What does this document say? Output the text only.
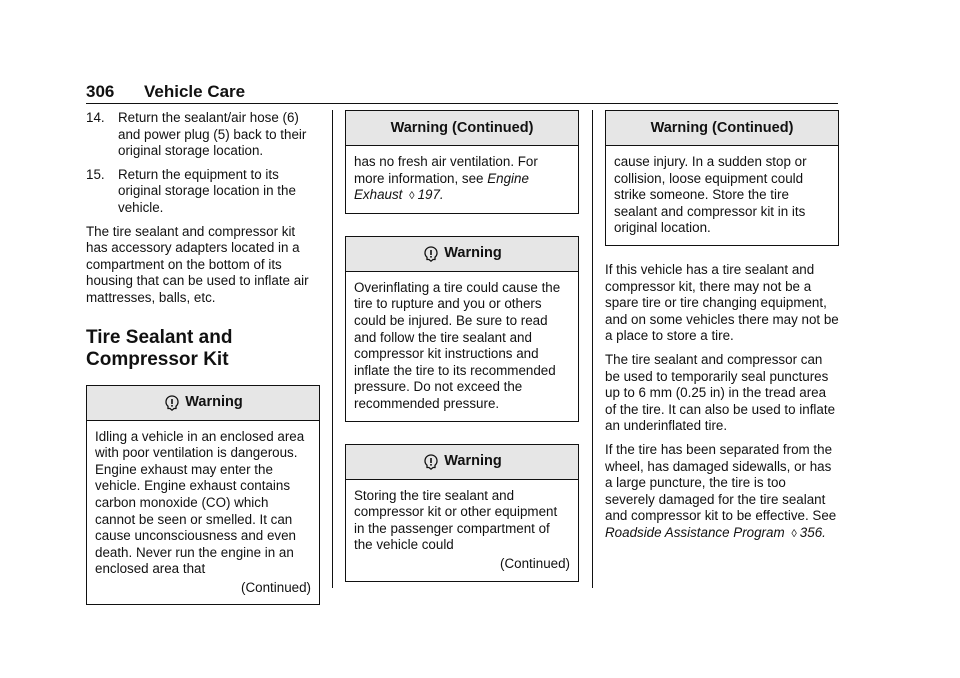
306 Vehicle Care
14. Return the sealant/air hose (6) and power plug (5) back to their original storage location.
15. Return the equipment to its original storage location in the vehicle.

The tire sealant and compressor kit has accessory adapters located in a compartment on the bottom of its housing that can be used to inflate air mattresses, balls, etc.

Tire Sealant and Compressor Kit
Warning

Idling a vehicle in an enclosed area with poor ventilation is dangerous. Engine exhaust may enter the vehicle. Engine exhaust contains carbon monoxide (CO) which cannot be seen or smelled. It can cause unconsciousness and even death. Never run the engine in an enclosed area that

(Continued)

Warning (Continued)

has no fresh air ventilation. For more information, see Engine Exhaust ◊ 197.

Warning

Overinflating a tire could cause the tire to rupture and you or others could be injured. Be sure to read and follow the tire sealant and compressor kit instructions and inflate the tire to its recommended pressure. Do not exceed the recommended pressure.

Warning

Storing the tire sealant and compressor kit or other equipment in the passenger compartment of the vehicle could

(Continued)

Warning (Continued)

cause injury. In a sudden stop or collision, loose equipment could strike someone. Store the tire sealant and compressor kit in its original location.

If this vehicle has a tire sealant and compressor kit, there may not be a spare tire or tire changing equipment, and on some vehicles there may not be a place to store a tire.

The tire sealant and compressor can be used to temporarily seal punctures up to 6 mm (0.25 in) in the tread area of the tire. It can also be used to inflate an underinflated tire.

If the tire has been separated from the wheel, has damaged sidewalls, or has a large puncture, the tire is too severely damaged for the tire sealant and compressor kit to be effective. See Roadside Assistance Program ◊ 356.
